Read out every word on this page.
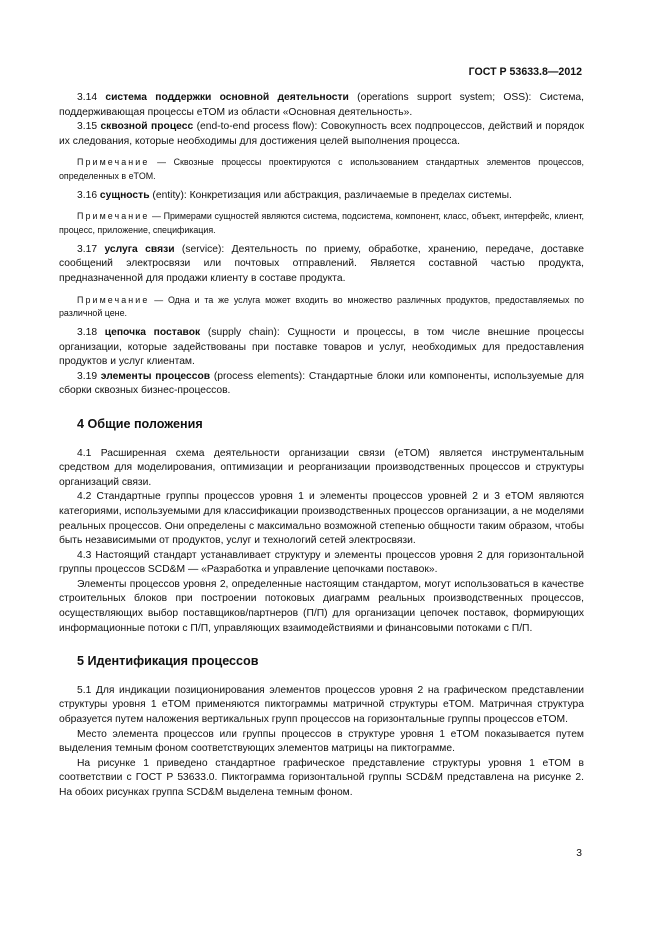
ГОСТ Р 53633.8—2012

3.14 система поддержки основной деятельности (operations support system; OSS): Система, поддерживающая процессы eTOM из области «Основная деятельность».

3.15 сквозной процесс (end-to-end process flow): Совокупность всех подпроцессов, действий и порядок их следования, которые необходимы для достижения целей выполнения процесса.

Примечание — Сквозные процессы проектируются с использованием стандартных элементов процессов, определенных в eTOM.

3.16 сущность (entity): Конкретизация или абстракция, различаемые в пределах системы.

Примечание — Примерами сущностей являются система, подсистема, компонент, класс, объект, интерфейс, клиент, процесс, приложение, спецификация.

3.17 услуга связи (service): Деятельность по приему, обработке, хранению, передаче, доставке сообщений электросвязи или почтовых отправлений. Является составной частью продукта, предназначенной для продажи клиенту в составе продукта.

Примечание — Одна и та же услуга может входить во множество различных продуктов, предоставляемых по различной цене.

3.18 цепочка поставок (supply chain): Сущности и процессы, в том числе внешние процессы организации, которые задействованы при поставке товаров и услуг, необходимых для предоставления продуктов и услуг клиентам.

3.19 элементы процессов (process elements): Стандартные блоки или компоненты, используемые для сборки сквозных бизнес-процессов.

4 Общие положения

4.1 Расширенная схема деятельности организации связи (eTOM) является инструментальным средством для моделирования, оптимизации и реорганизации производственных процессов и структуры организаций связи.

4.2 Стандартные группы процессов уровня 1 и элементы процессов уровней 2 и 3 eTOM являются категориями, используемыми для классификации производственных процессов организации, а не моделями реальных процессов. Они определены с максимально возможной степенью общности таким образом, чтобы быть независимыми от продуктов, услуг и технологий сетей электросвязи.

4.3 Настоящий стандарт устанавливает структуру и элементы процессов уровня 2 для горизонтальной группы процессов SCD&M — «Разработка и управление цепочками поставок».

Элементы процессов уровня 2, определенные настоящим стандартом, могут использоваться в качестве строительных блоков при построении потоковых диаграмм реальных производственных процессов, осуществляющих выбор поставщиков/партнеров (П/П) для организации цепочек поставок, формирующих информационные потоки с П/П, управляющих взаимодействиями и финансовыми потоками с П/П.

5 Идентификация процессов

5.1 Для индикации позиционирования элементов процессов уровня 2 на графическом представлении структуры уровня 1 eTOM применяются пиктограммы матричной структуры eTOM. Матричная структура образуется путем наложения вертикальных групп процессов на горизонтальные группы процессов eTOM.

Место элемента процессов или группы процессов в структуре уровня 1 eTOM показывается путем выделения темным фоном соответствующих элементов матрицы на пиктограмме.

На рисунке 1 приведено стандартное графическое представление структуры уровня 1 eTOM в соответствии с ГОСТ Р 53633.0. Пиктограмма горизонтальной группы SCD&M представлена на рисунке 2. На обоих рисунках группа SCD&M выделена темным фоном.

3
